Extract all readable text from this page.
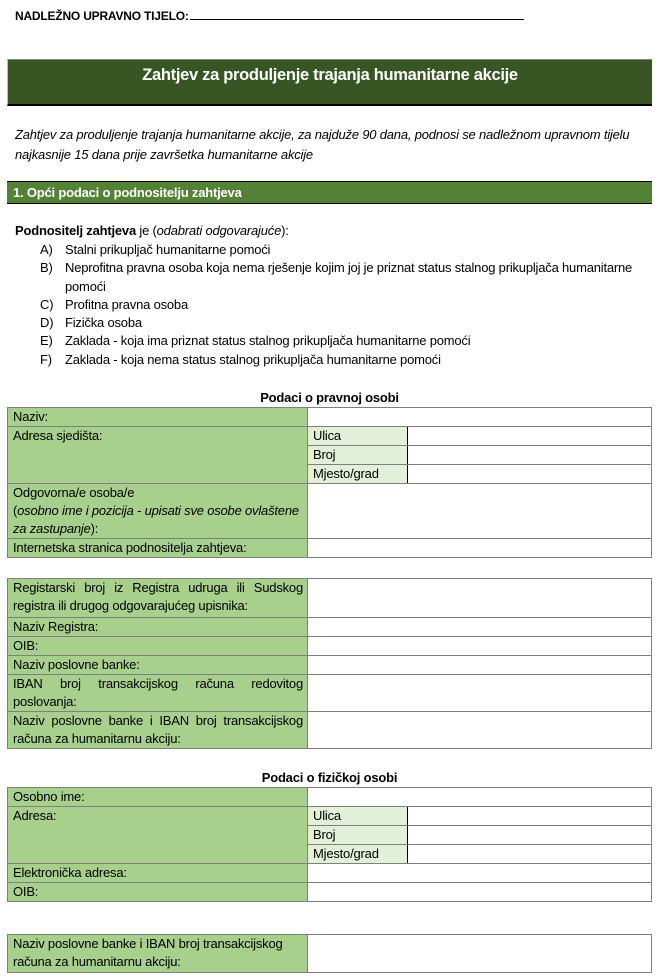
NADLEŽNO UPRAVNO TIJELO:
Zahtjev za produljenje trajanja humanitarne akcije
Zahtjev za produljenje trajanja humanitarne akcije, za najduže 90 dana, podnosi se nadležnom upravnom tijelu najkasnije 15 dana prije završetka humanitarne akcije
1. Opći podaci o podnositelju zahtjeva
Podnositelj zahtjeva je (odabrati odgovarajuće):
A) Stalni prikupljač humanitarne pomoći
B) Neprofitna pravna osoba koja nema rješenje kojim joj je priznat status stalnog prikupljača humanitarne pomoći
C) Profitna pravna osoba
D) Fizička osoba
E) Zaklada - koja ima priznat status stalnog prikupljača humanitarne pomoći
F)	Zaklada - koja nema status stalnog prikupljača humanitarne pomoći
Podaci o pravnoj osobi
Naziv:		
Adresa sjedišta:	Ulica	
	Broj	
	Mjesto/grad	
Odgovorna/e osoba/e
(osobno ime i pozicija - upisati sve osobe ovlaštene za zastupanje):		
Internetska stranica podnositelja zahtjeva:		
Registarski broj iz Registra udruga ili Sudskog registra ili drugog odgovarajućeg upisnika:	
Naziv Registra:	
OIB:	
Naziv poslovne banke:	
IBAN broj transakcijskog računa redovitog poslovanja:	
Naziv poslovne banke i IBAN broj transakcijskog računa za humanitarnu akciju:	
Podaci o fizičkoj osobi
Osobno ime:		
Adresa:	Ulica	
	Broj	
	Mjesto/grad	
Elektronička adresa:		
OIB:		
Naziv poslovne banke i IBAN broj transakcijskog računa za humanitarnu akciju:	
